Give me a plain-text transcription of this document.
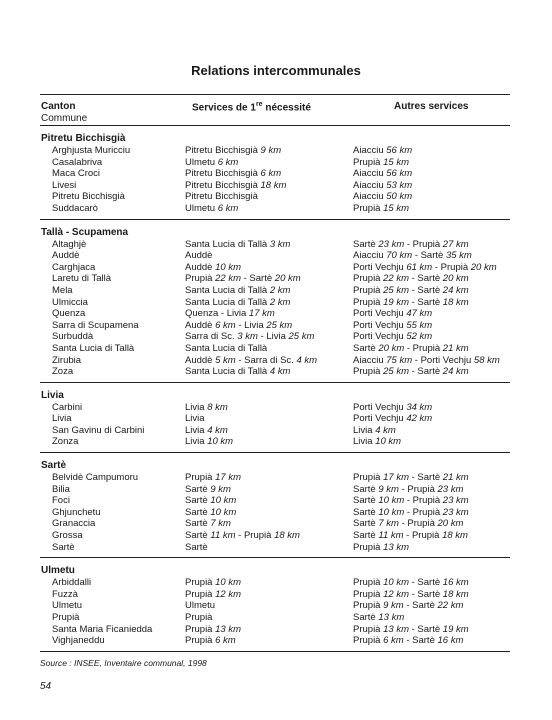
Relations intercommunales
Canton
Commune
Services de 1re nécessité	Autres services
Pitretu Bicchisgià
Arghjusta Muricciu	Pitretu Bicchisgià 9 km	Aiacciu 56 km
Casalabriva	Ulmetu 6 km	Prupià 15 km
Maca Croci	Pitretu Bicchisgià 6 km	Aiacciu 56 km
Livesi	Pitretu Bicchisgià 18 km	Aiacciu 53 km
Pitretu Bicchisgià	Pitretu Bicchisgià	Aiacciu 50 km
Suddacarò	Ulmetu 6 km	Prupià 15 km
Tallà - Scupamena
Altaghjè	Santa Lucia di Tallà 3 km	Sartè 23 km - Prupià 27 km
Auddè	Auddè	Aiacciu 70 km - Sartè 35 km
Carghjaca	Auddè 10 km	Porti Vechju 61 km - Prupià 20 km
Laretu di Tallà	Prupià 22 km - Sartè 20 km	Prupià 22 km - Sartè 20 km
Mela	Santa Lucia di Tallà 2 km	Prupià 25 km - Sartè 24 km
Ulmiccia	Santa Lucia di Tallà 2 km	Prupià 19 km - Sartè 18 km
Quenza	Quenza - Livia 17 km	Porti Vechju 47 km
Sarra di Scupamena	Auddè 6 km - Livia 25 km	Porti Vechju 55 km
Surbuddà	Sarra di Sc. 3 km - Livia 25 km	Porti Vechju 52 km
Santa Lucia di Tallà	Santa Lucia di Tallà	Sartè 20 km - Prupià 21 km
Zirubia	Auddè 5 km - Sarra di Sc. 4 km	Aiacciu 75 km - Porti Vechju 58 km
Zoza	Santa Lucia di Tallà 4 km	Prupià 25 km - Sartè 24 km
Livia
Carbini	Livia 8 km	Porti Vechju 34 km
Livia	Livia	Porti Vechju 42 km
San Gavinu di Carbini	Livia 4 km	Livia 4 km
Zonza	Livia 10 km	Livia 10 km
Sartè
Belvidè Campumoru	Prupià 17 km	Prupià 17 km - Sartè 21 km
Bilia	Sartè 9 km	Sartè 9 km - Prupià 23 km
Foci	Sartè 10 km	Sartè 10 km - Prupià 23 km
Ghjunchetu	Sartè 10 km	Sartè 10 km - Prupià 23 km
Granaccia	Sartè 7 km	Sartè 7 km - Prupià 20 km
Grossa	Sartè 11 km - Prupià 18 km	Sartè 11 km - Prupià 18 km
Sartè	Sartè	Prupià 13 km
Ulmetu
Arbiddalli	Prupià 10 km	Prupià 10 km - Sartè 16 km
Fuzzà	Prupià 12 km	Prupià 12 km - Sartè 18 km
Ulmetu	Ulmetu	Prupià 9 km - Sartè 22 km
Prupià	Prupià	Sartè 13 km
Santa Maria Ficaniedda	Prupià 13 km	Prupià 13 km - Sartè 19 km
Vighjaneddu	Prupià 6 km	Prupià 6 km - Sartè 16 km
Source : INSEE, Inventaire communal, 1998
54
